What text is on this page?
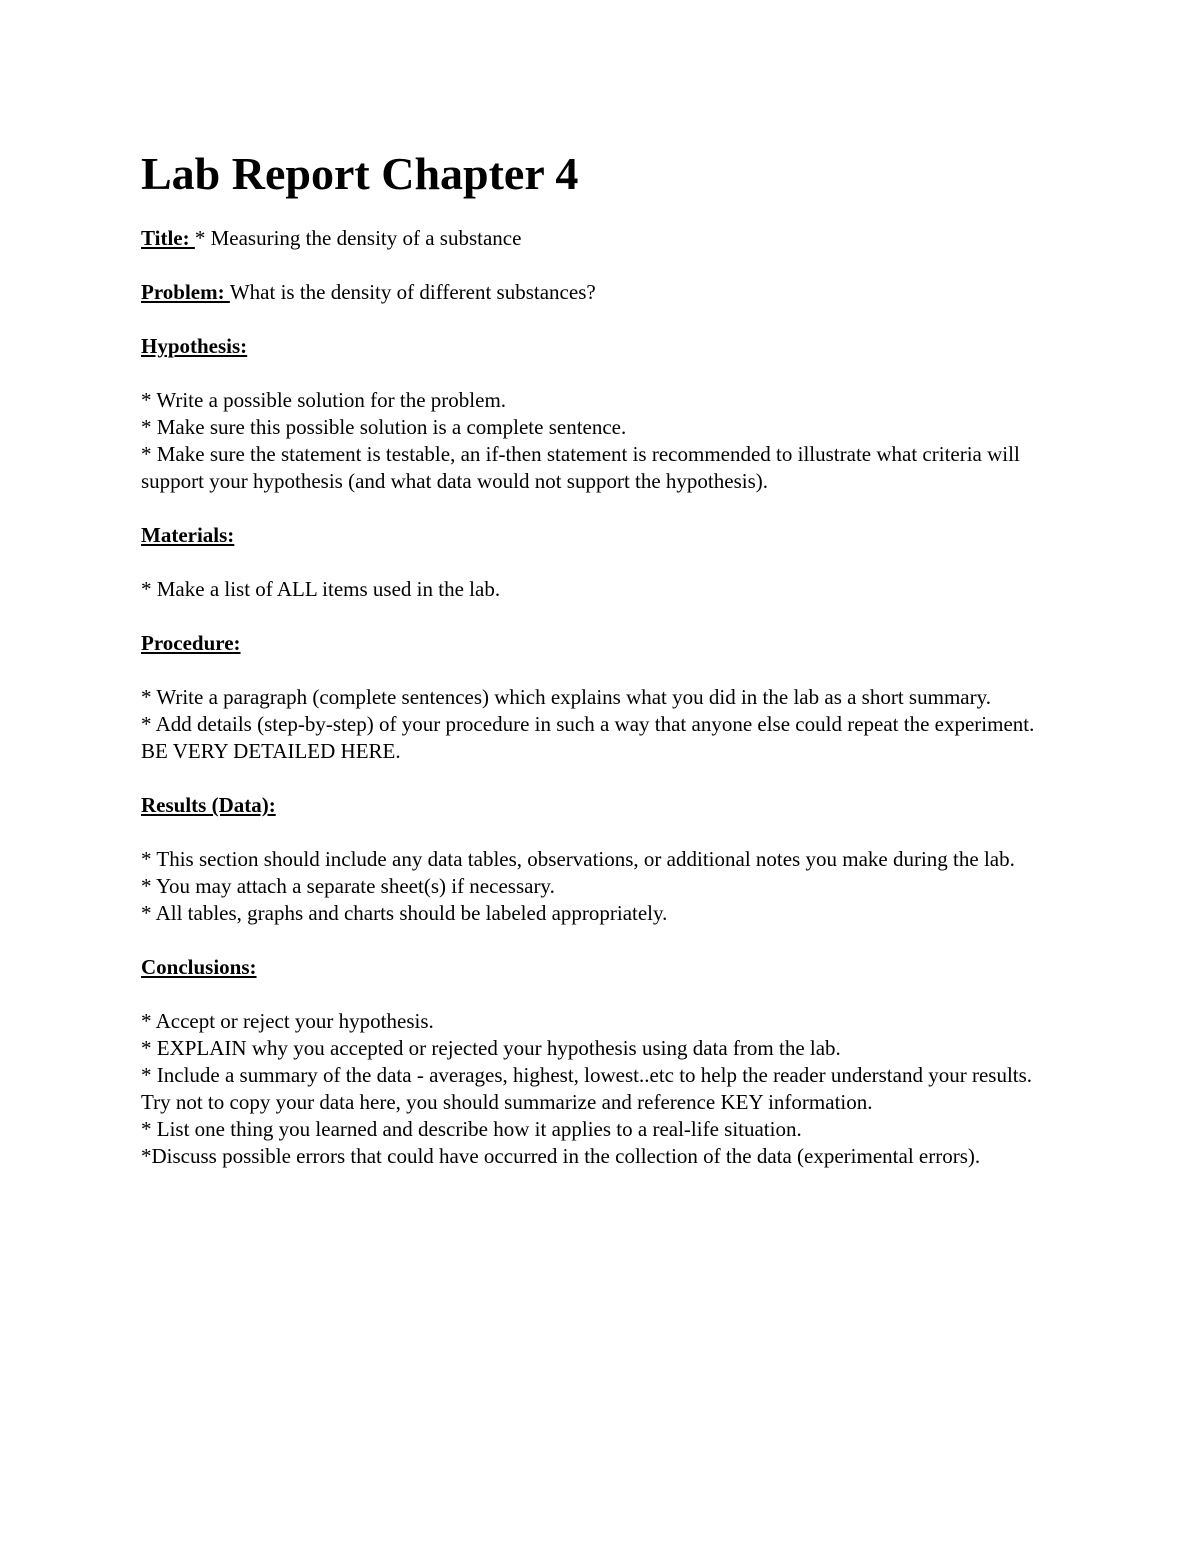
Lab Report Chapter 4

Title: * Measuring the density of a substance

Problem: What is the density of different substances?

Hypothesis:

* Write a possible solution for the problem.

* Make sure this possible solution is a complete sentence.

* Make sure the statement is testable, an if-then statement is recommended to illustrate what criteria will support your hypothesis (and what data would not support the hypothesis).

Materials:

* Make a list of ALL items used in the lab.

Procedure:

* Write a paragraph (complete sentences) which explains what you did in the lab as a short summary.

* Add details (step-by-step) of your procedure in such a way that anyone else could repeat the experiment. BE VERY DETAILED HERE.

Results (Data):

* This section should include any data tables, observations, or additional notes you make during the lab.

* You may attach a separate sheet(s) if necessary.

* All tables, graphs and charts should be labeled appropriately.

Conclusions:

* Accept or reject your hypothesis.

* EXPLAIN why you accepted or rejected your hypothesis using data from the lab.

* Include a summary of the data - averages, highest, lowest..etc to help the reader understand your results. Try not to copy your data here, you should summarize and reference KEY information.

* List one thing you learned and describe how it applies to a real-life situation.

*Discuss possible errors that could have occurred in the collection of the data (experimental errors).
